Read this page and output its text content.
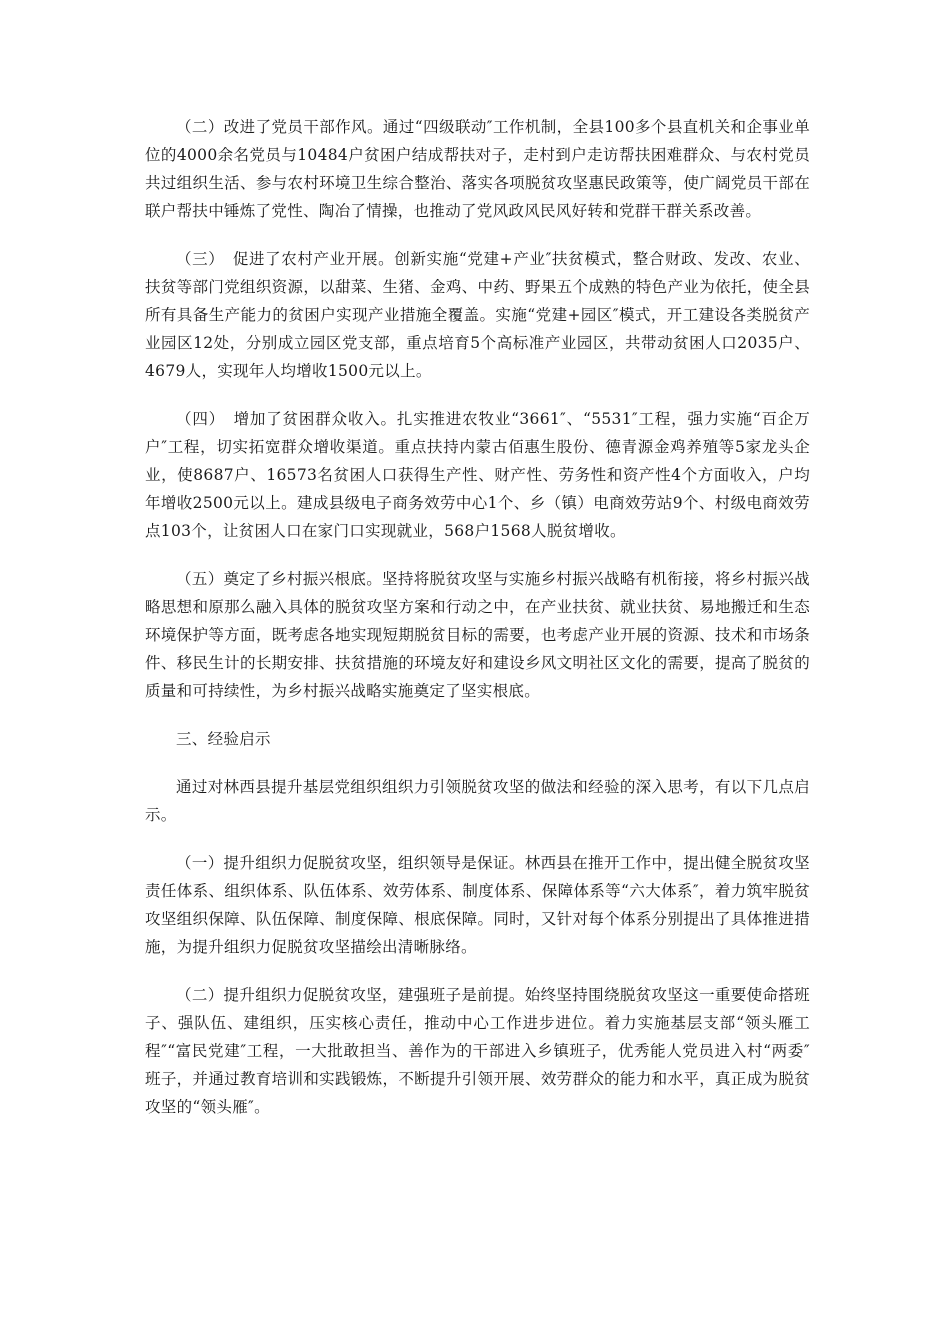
（二）改进了党员干部作风。通过“四级联动″工作机制，全县100多个县直机关和企事业单位的4000余名党员与10484户贫困户结成帮扶对子，走村到户走访帮扶困难群众、与农村党员共过组织生活、参与农村环境卫生综合整治、落实各项脱贫攻坚惠民政策等，使广阔党员干部在联户帮扶中锤炼了党性、陶冶了情操，也推动了党风政风民风好转和党群干群关系改善。

（三）　促进了农村产业开展。创新实施“党建+产业″扶贫模式，整合财政、发改、农业、扶贫等部门党组织资源，以甜菜、生猪、金鸡、中药、野果五个成熟的特色产业为依托，使全县所有具备生产能力的贫困户实现产业措施全覆盖。实施“党建+园区″模式，开工建设各类脱贫产业园区12处，分别成立园区党支部，重点培育5个高标准产业园区，共带动贫困人口2035户、4679人，实现年人均增收1500元以上。

（四）　增加了贫困群众收入。扎实推进农牧业“3661″、“5531″工程，强力实施“百企万户″工程，切实拓宽群众增收渠道。重点扶持内蒙古佰惠生股份、德青源金鸡养殖等5家龙头企业，使8687户、16573名贫困人口获得生产性、财产性、劳务性和资产性4个方面收入，户均年增收2500元以上。建成县级电子商务效劳中心1个、乡（镇）电商效劳站9个、村级电商效劳点103个，让贫困人口在家门口实现就业，568户1568人脱贫增收。

（五）奠定了乡村振兴根底。坚持将脱贫攻坚与实施乡村振兴战略有机衔接，将乡村振兴战略思想和原那么融入具体的脱贫攻坚方案和行动之中，在产业扶贫、就业扶贫、易地搬迁和生态环境保护等方面，既考虑各地实现短期脱贫目标的需要，也考虑产业开展的资源、技术和市场条件、移民生计的长期安排、扶贫措施的环境友好和建设乡风文明社区文化的需要，提高了脱贫的质量和可持续性，为乡村振兴战略实施奠定了坚实根底。

三、经验启示

通过对林西县提升基层党组织组织力引领脱贫攻坚的做法和经验的深入思考，有以下几点启示。

（一）提升组织力促脱贫攻坚，组织领导是保证。林西县在推开工作中，提出健全脱贫攻坚责任体系、组织体系、队伍体系、效劳体系、制度体系、保障体系等“六大体系″，着力筑牢脱贫攻坚组织保障、队伍保障、制度保障、根底保障。同时，又针对每个体系分别提出了具体推进措施，为提升组织力促脱贫攻坚描绘出清晰脉络。

（二）提升组织力促脱贫攻坚，建强班子是前提。始终坚持围绕脱贫攻坚这一重要使命搭班子、强队伍、建组织，压实核心责任，推动中心工作进步进位。着力实施基层支部“领头雁工程″“富民党建″工程，一大批敢担当、善作为的干部进入乡镇班子，优秀能人党员进入村“两委″班子，并通过教育培训和实践锻炼，不断提升引领开展、效劳群众的能力和水平，真正成为脱贫攻坚的“领头雁″。
